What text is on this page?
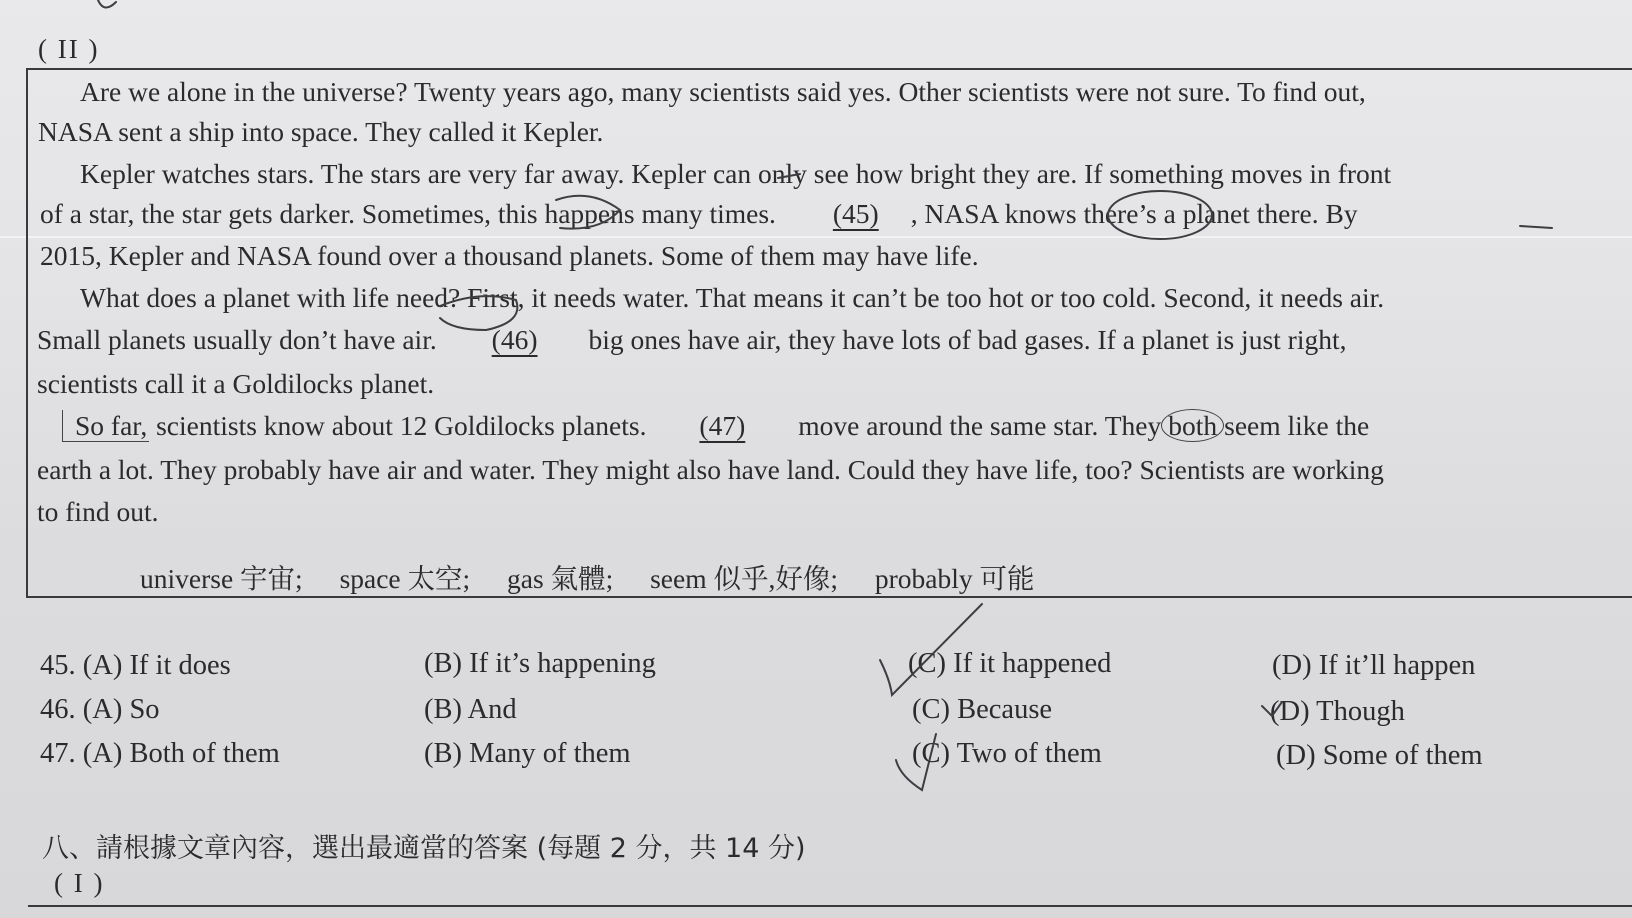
( II )
Are we alone in the universe? Twenty years ago, many scientists said yes. Other scientists were not sure. To find out,
NASA sent a ship into space. They called it Kepler.
Kepler watches stars. The stars are very far away. Kepler can only see how bright they are. If something moves in front
of a star, the star gets darker. Sometimes, this happens many times. (45) , NASA knows there’s a planet there. By
2015, Kepler and NASA found over a thousand planets. Some of them may have life.
What does a planet with life need? First, it needs water. That means it can’t be too hot or too cold. Second, it needs air.
Small planets usually don’t have air. (46) big ones have air, they have lots of bad gases. If a planet is just right,
scientists call it a Goldilocks planet.
So far, scientists know about 12 Goldilocks planets. (47) move around the same star. They both seem like the
earth a lot. They probably have air and water. They might also have land. Could they have life, too? Scientists are working
to find out.
universe 宇宙; space 太空; gas 氣體; seem 似乎,好像; probably 可能
45. (A) If it does	(B) If it’s happening	(C) If it happened	(D) If it’ll happen
46. (A) So	(B) And	(C) Because	(D) Though
47. (A) Both of them	(B) Many of them	(C) Two of them	(D) Some of them
八、請根據文章內容，選出最適當的答案 (每題 2 分，共 14 分)
( I )
